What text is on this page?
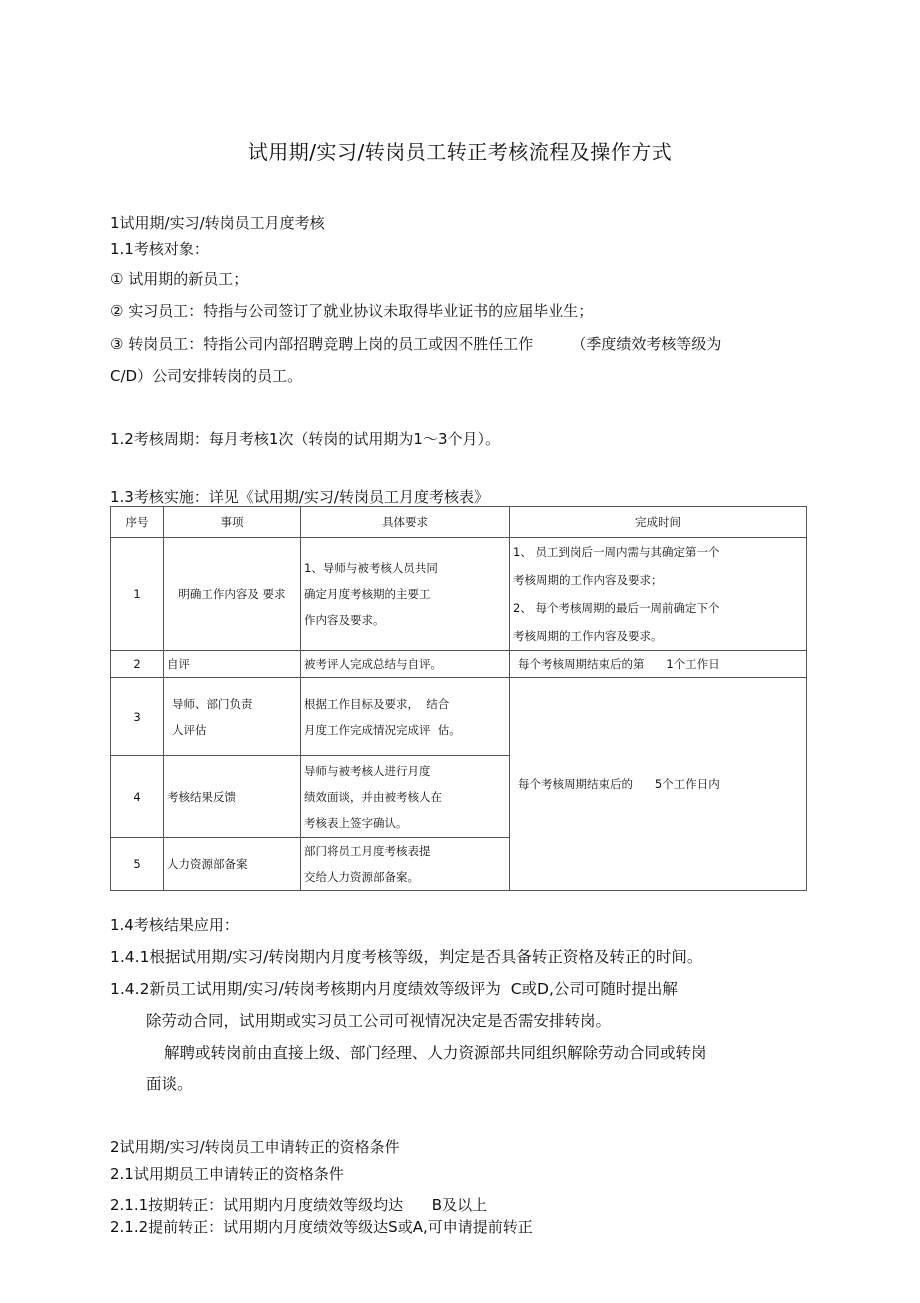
试用期/实习/转岗员工转正考核流程及操作方式
1试用期/实习/转岗员工月度考核
1.1考核对象：
① 试用期的新员工；
② 实习员工：特指与公司签订了就业协议未取得毕业证书的应届毕业生；
③ 转岗员工：特指公司内部招聘竞聘上岗的员工或因不胜任工作        （季度绩效考核等级为
C/D）公司安排转岗的员工。
1.2考核周期：每月考核1次（转岗的试用期为1～3个月）。
1.3考核实施：详见《试用期/实习/转岗员工月度考核表》
序号	事项	具体要求	完成时间
1	明确工作内容及 要求	1、导师与被考核人员共同
确定月度考核期的主要工
作内容及要求。	1、 员工到岗后一周内需与其确定第一个
考核周期的工作内容及要求；
2、 每个考核周期的最后一周前确定下个
考核周期的工作内容及要求。
2	自评	被考评人完成总结与自评。	每个考核周期结束后的第      1个工作日
3	导师、部门负责
人评估	根据工作目标及要求，  结合
月度工作完成情况完成评  估。	每个考核周期结束后的      5个工作日内
4	考核结果反馈	导师与被考核人进行月度
绩效面谈，并由被考核人在
考核表上签字确认。	
5	人力资源部备案	部门将员工月度考核表提
交给人力资源部备案。	
1.4考核结果应用：
1.4.1根据试用期/实习/转岗期内月度考核等级，判定是否具备转正资格及转正的时间。
1.4.2新员工试用期/实习/转岗考核期内月度绩效等级评为  C或D,公司可随时提出解
除劳动合同，试用期或实习员工公司可视情况决定是否需安排转岗。
解聘或转岗前由直接上级、部门经理、人力资源部共同组织解除劳动合同或转岗
面谈。
2试用期/实习/转岗员工申请转正的资格条件
2.1试用期员工申请转正的资格条件
2.1.1按期转正：试用期内月度绩效等级均达      B及以上
2.1.2提前转正：试用期内月度绩效等级达S或A,可申请提前转正
